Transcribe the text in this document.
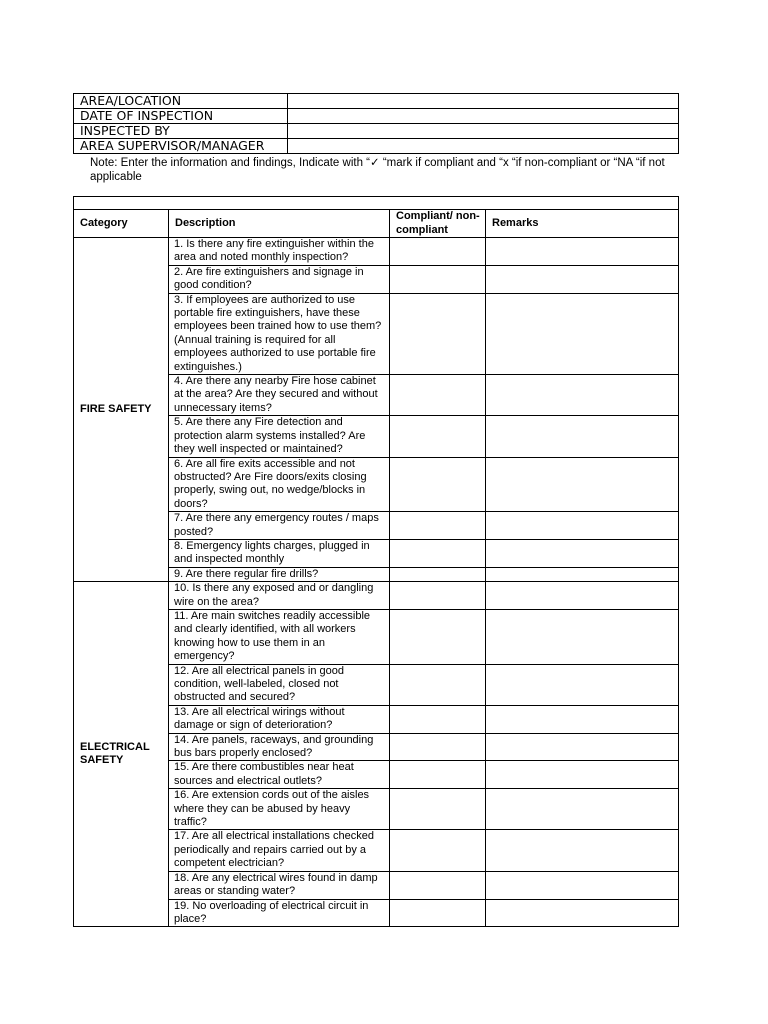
AREA/LOCATION	
DATE OF INSPECTION	
INSPECTED BY	
AREA SUPERVISOR/MANAGER	
Note: Enter the information and findings, Indicate with “✓ “mark if compliant and “x “if non-compliant or “NA “if not applicable

Category	Description	Compliant/ non-compliant	Remarks
FIRE SAFETY	1. Is there any fire extinguisher within the area and noted monthly inspection?		
	2. Are fire extinguishers and signage in good condition?		
	3. If employees are authorized to use portable fire extinguishers, have these employees been trained how to use them? (Annual training is required for all employees authorized to use portable fire extinguishes.)		
	4. Are there any nearby Fire hose cabinet at the area? Are they secured and without unnecessary items?		
	5. Are there any Fire detection and protection alarm systems installed? Are they well inspected or maintained?		
	6. Are all fire exits accessible and not obstructed? Are Fire doors/exits closing properly, swing out, no wedge/blocks in doors?		
	7. Are there any emergency routes / maps posted?		
	8. Emergency lights charges, plugged in and inspected monthly		
	9. Are there regular fire drills?		
ELECTRICAL SAFETY	10. Is there any exposed and or dangling wire on the area?		
	11. Are main switches readily accessible and clearly identified, with all workers knowing how to use them in an emergency?		
	12. Are all electrical panels in good condition, well-labeled, closed not obstructed and secured?		
	13. Are all electrical wirings without damage or sign of deterioration?		
	14. Are panels, raceways, and grounding bus bars properly enclosed?		
	15. Are there combustibles near heat sources and electrical outlets?		
	16. Are extension cords out of the aisles where they can be abused by heavy traffic?		
	17. Are all electrical installations checked periodically and repairs carried out by a competent electrician?		
	18. Are any electrical wires found in damp areas or standing water?		
	19. No overloading of electrical circuit in place?		
